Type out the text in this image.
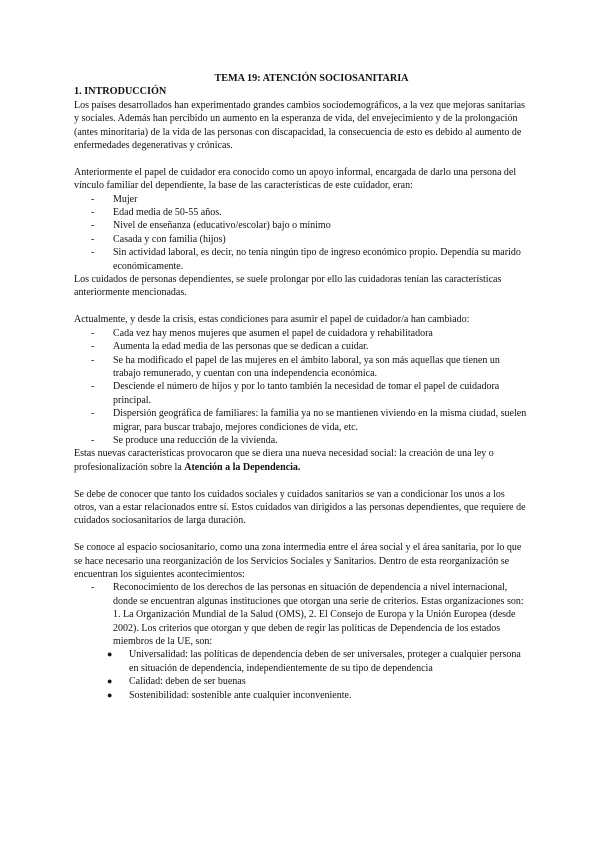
TEMA 19: ATENCIÓN SOCIOSANITARIA
1. INTRODUCCIÓN

Los países desarrollados han experimentado grandes cambios sociodemográficos, a la vez que mejoras sanitarias y sociales. Además han percibido un aumento en la esperanza de vida, del envejecimiento y de la prolongación (antes minoritaria) de la vida de las personas con discapacidad, la consecuencia de esto es debido al aumento de enfermedades degenerativas y crónicas.

Anteriormente el papel de cuidador era conocido como un apoyo informal, encargada de darlo una persona del vínculo familiar del dependiente, la base de las características de este cuidador, eran:

- Mujer
- Edad media de 50-55 años.
- Nivel de enseñanza (educativo/escolar) bajo o mínimo
- Casada y con familia (hijos)
- Sin actividad laboral, es decir, no tenía ningún tipo de ingreso económico propio. Dependía su marido económicamente.

Los cuidados de personas dependientes, se suele prolongar por ello las cuidadoras tenían las características anteriormente mencionadas.

Actualmente, y desde la crisis, estas condiciones para asumir el papel de cuidador/a han cambiado:

- Cada vez hay menos mujeres que asumen el papel de cuidadora y rehabilitadora
- Aumenta la edad media de las personas que se dedican a cuidar.
- Se ha modificado el papel de las mujeres en el ámbito laboral, ya son más aquellas que tienen un trabajo remunerado, y cuentan con una independencia económica.
- Desciende el número de hijos y por lo tanto también la necesidad de tomar el papel de cuidadora principal.
- Dispersión geográfica de familiares: la familia ya no se mantienen viviendo en la misma ciudad, suelen migrar, para buscar trabajo, mejores condiciones de vida, etc.
- Se produce una reducción de la vivienda.

Estas nuevas características provocaron que se diera una nueva necesidad social: la creación de una ley o profesionalización sobre la Atención a la Dependencia.

Se debe de conocer que tanto los cuidados sociales y cuidados sanitarios se van a condicionar los unos a los otros, van a estar relacionados entre sí. Estos cuidados van dirigidos a las personas dependientes, que requiere de cuidados sociosanitarios de larga duración.

Se conoce al espacio sociosanitario, como una zona intermedia entre el área social y el área sanitaria, por lo que se hace necesario una reorganización de los Servicios Sociales y Sanitarios. Dentro de esta reorganización se encuentran los siguientes acontecimientos:

- Reconocimiento de los derechos de las personas en situación de dependencia a nivel internacional, donde se encuentran algunas instituciones que otorgan una serie de criterios. Estas organizaciones son: 1. La Organización Mundial de la Salud (OMS), 2. El Consejo de Europa y la Unión Europea (desde 2002). Los criterios que otorgan y que deben de regir las políticas de Dependencia de los estados miembros de la UE, son:
● Universalidad: las políticas de dependencia deben de ser universales, proteger a cualquier persona en situación de dependencia, independientemente de su tipo de dependencia
● Calidad: deben de ser buenas
● Sostenibilidad: sostenible ante cualquier inconveniente.
